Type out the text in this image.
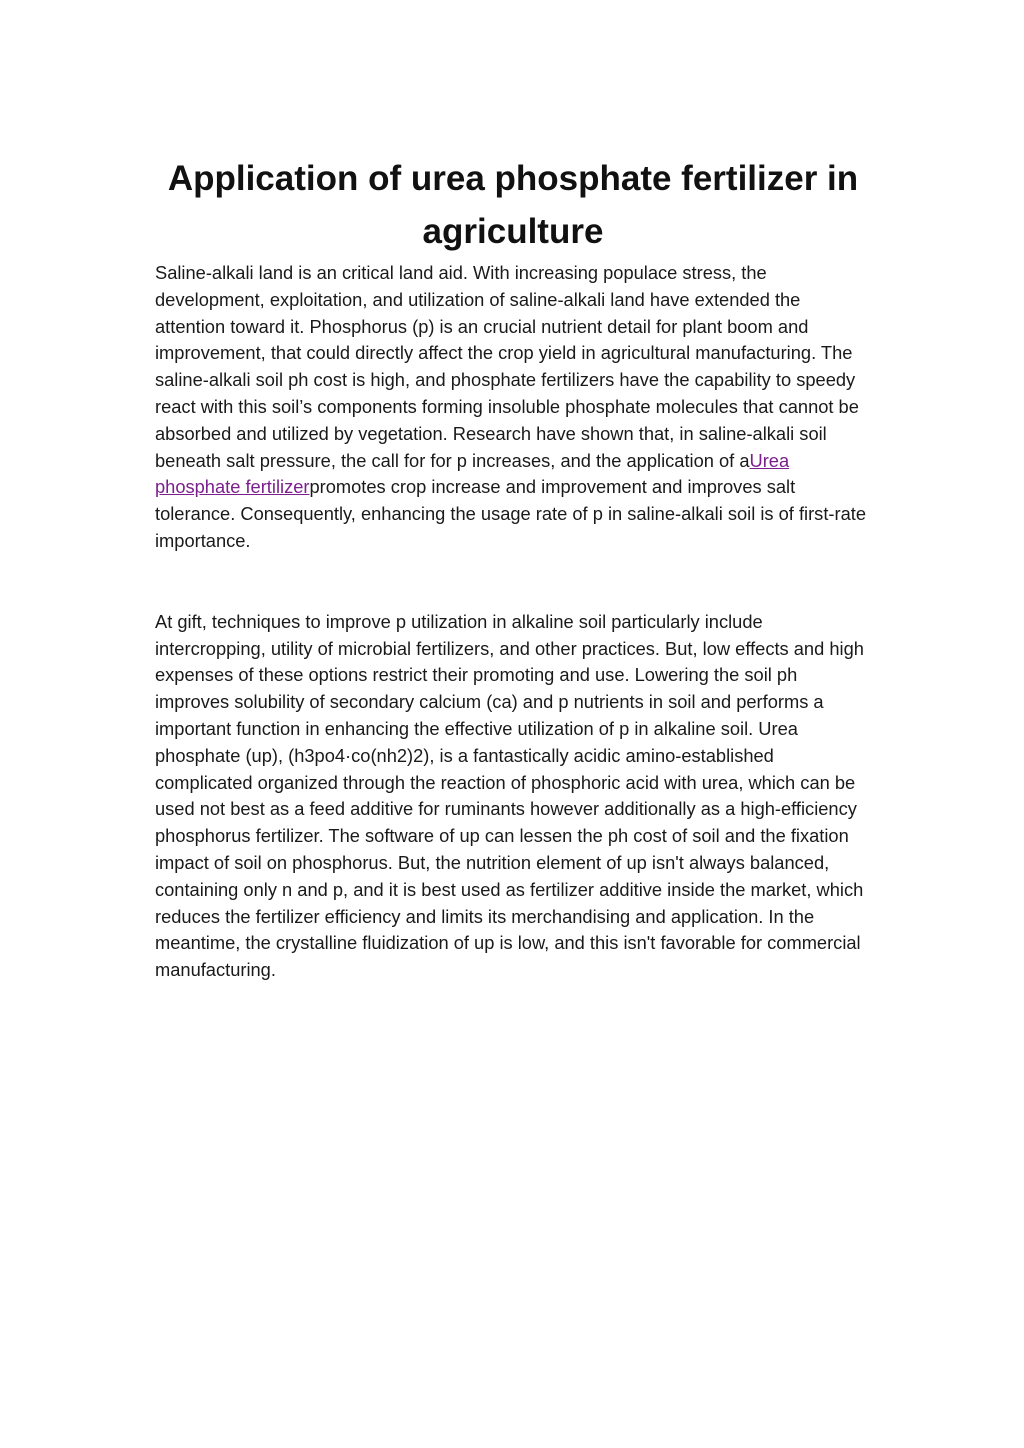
Application of urea phosphate fertilizer in agriculture

Saline-alkali land is an critical land aid. With increasing populace stress, the development, exploitation, and utilization of saline-alkali land have extended the attention toward it. Phosphorus (p) is an crucial nutrient detail for plant boom and improvement, that could directly affect the crop yield in agricultural manufacturing. The saline-alkali soil ph cost is high, and phosphate fertilizers have the capability to speedy react with this soil’s components forming insoluble phosphate molecules that cannot be absorbed and utilized by vegetation. Research have shown that, in saline-alkali soil beneath salt pressure, the call for for p increases, and the application of aUrea phosphate fertilizerpromotes crop increase and improvement and improves salt tolerance. Consequently, enhancing the usage rate of p in saline-alkali soil is of first-rate importance.

At gift, techniques to improve p utilization in alkaline soil particularly include intercropping, utility of microbial fertilizers, and other practices. But, low effects and high expenses of these options restrict their promoting and use. Lowering the soil ph improves solubility of secondary calcium (ca) and p nutrients in soil and performs a important function in enhancing the effective utilization of p in alkaline soil. Urea phosphate (up), (h3po4·co(nh2)2), is a fantastically acidic amino-established complicated organized through the reaction of phosphoric acid with urea, which can be used not best as a feed additive for ruminants however additionally as a high-efficiency phosphorus fertilizer. The software of up can lessen the ph cost of soil and the fixation impact of soil on phosphorus. But, the nutrition element of up isn't always balanced, containing only n and p, and it is best used as fertilizer additive inside the market, which reduces the fertilizer efficiency and limits its merchandising and application. In the meantime, the crystalline fluidization of up is low, and this isn't favorable for commercial manufacturing.
